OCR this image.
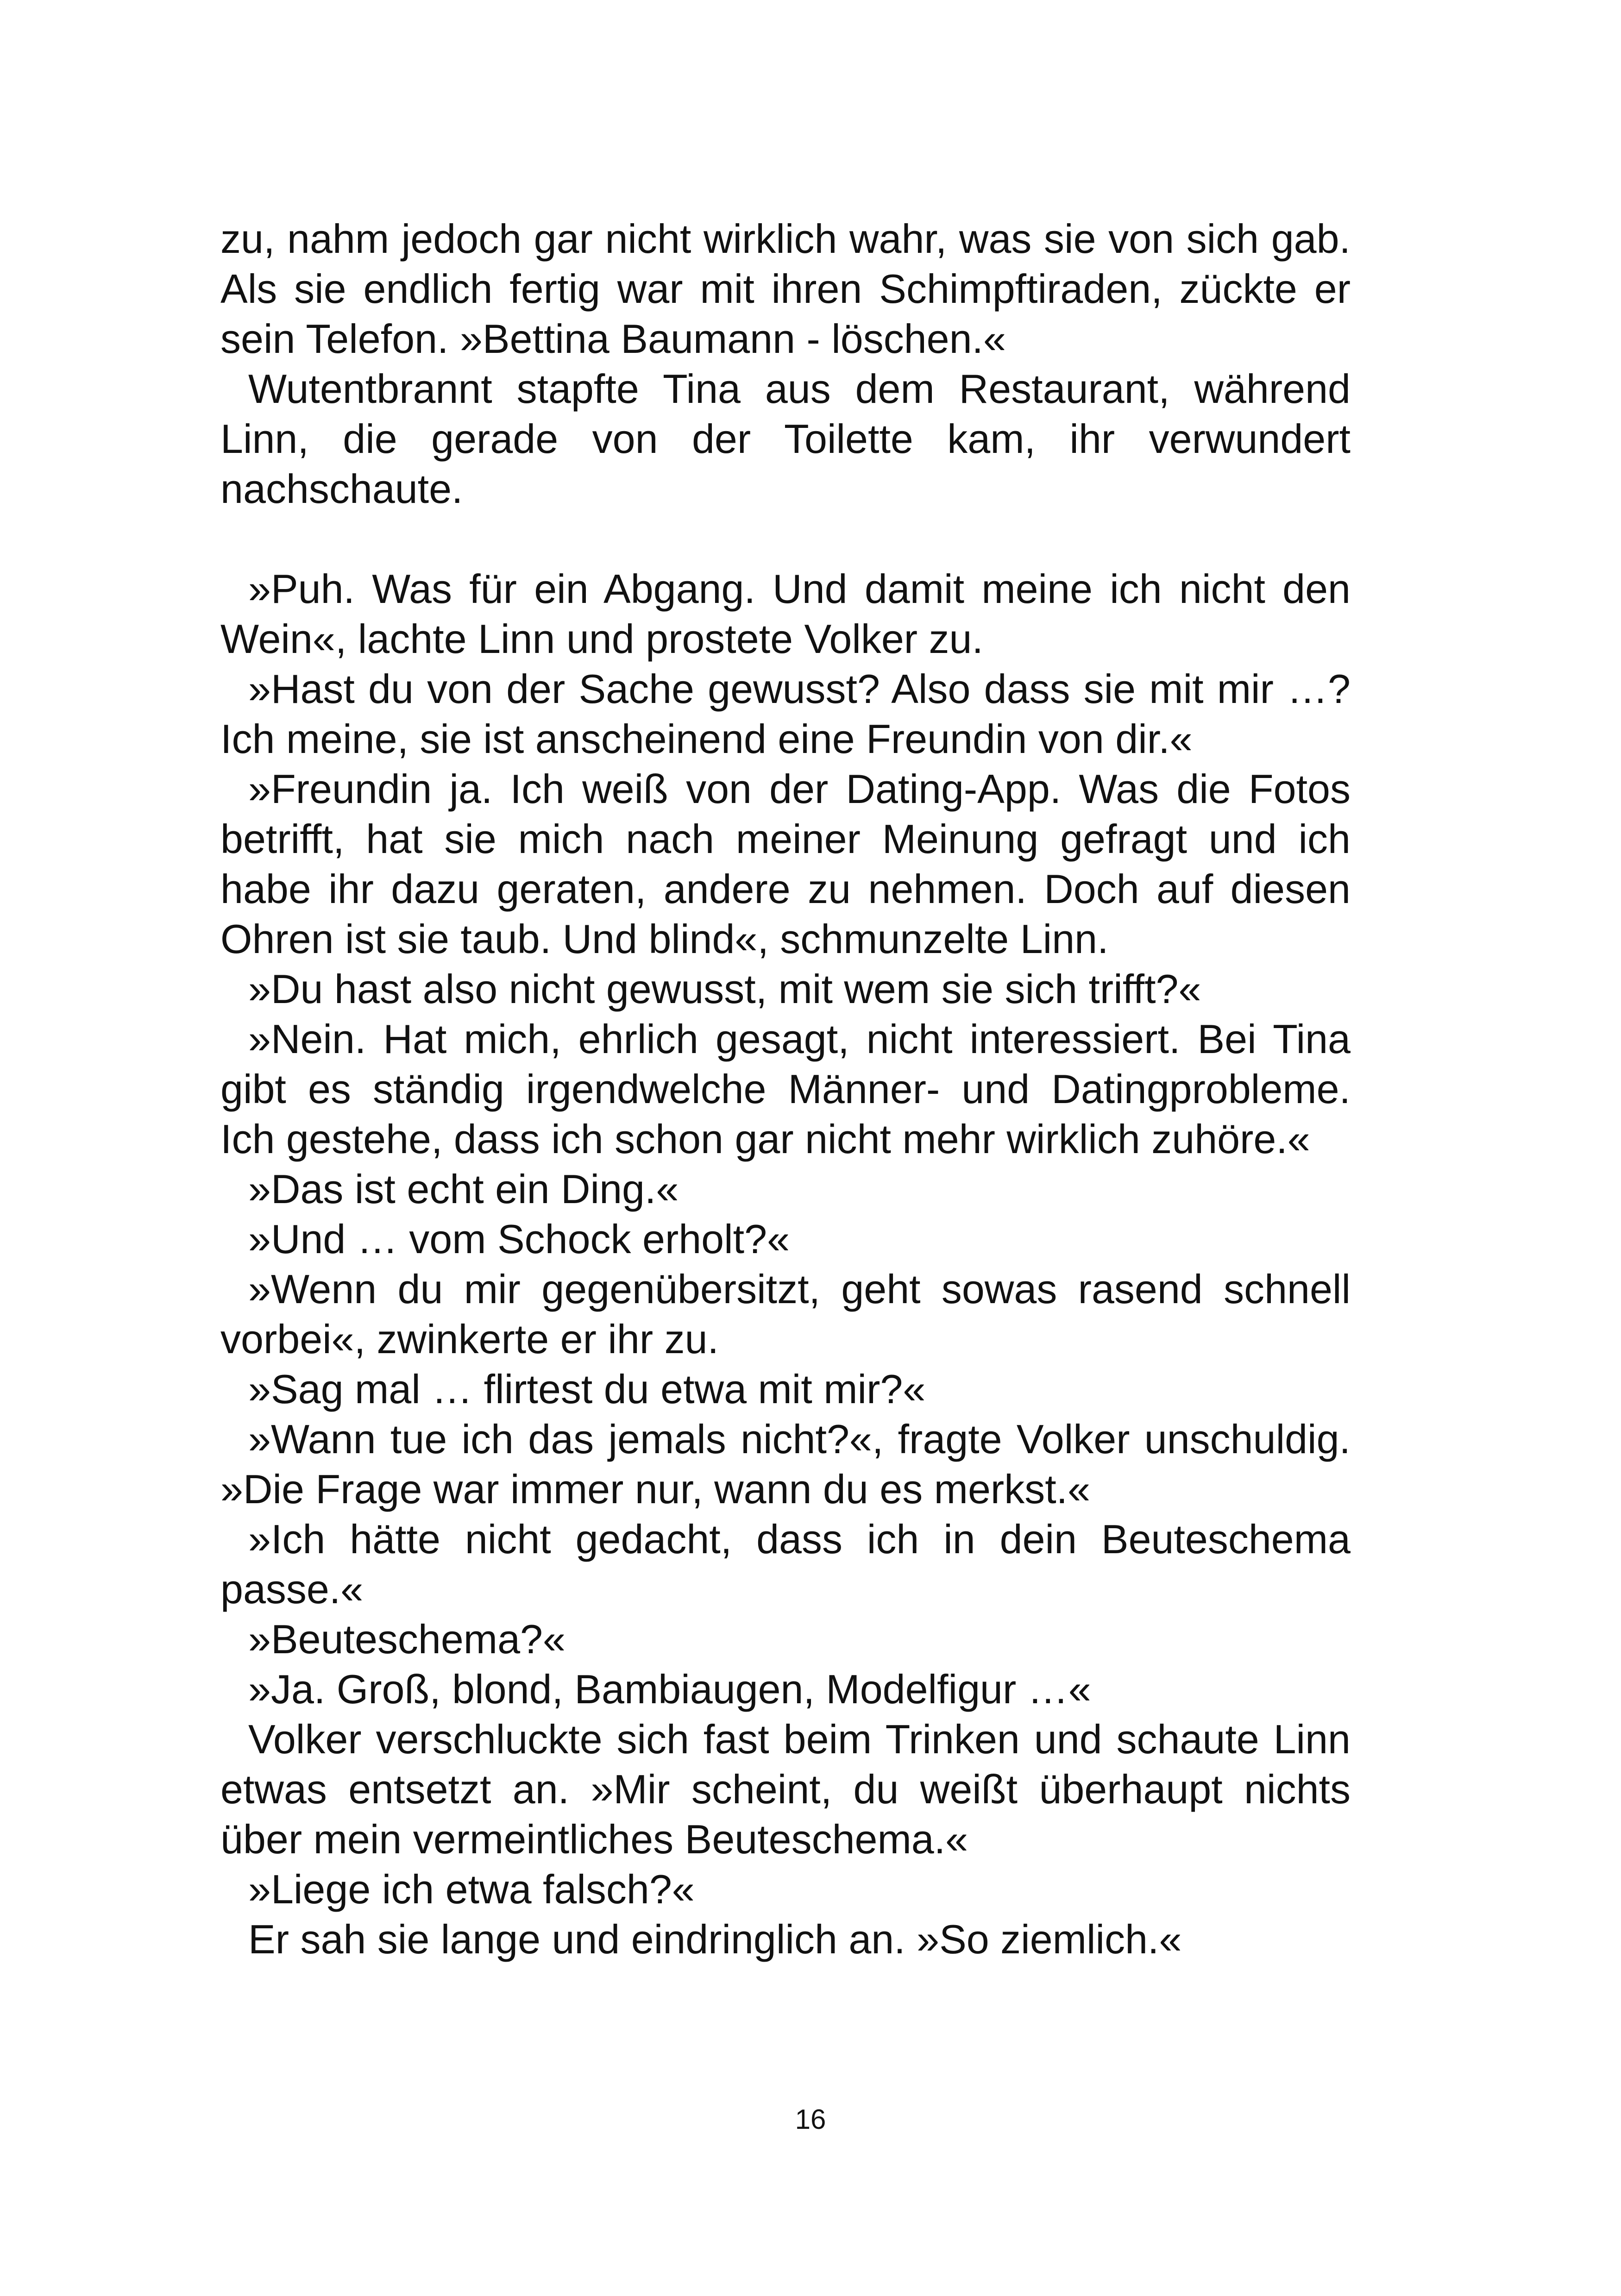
zu, nahm jedoch gar nicht wirklich wahr, was sie von sich gab. Als sie endlich fertig war mit ihren Schimpftiraden, zückte er sein Telefon. »Bettina Baumann - löschen.«

Wutentbrannt stapfte Tina aus dem Restaurant, während Linn, die gerade von der Toilette kam, ihr verwundert nachschaute.

»Puh. Was für ein Abgang. Und damit meine ich nicht den Wein«, lachte Linn und prostete Volker zu.

»Hast du von der Sache gewusst? Also dass sie mit mir …? Ich meine, sie ist anscheinend eine Freundin von dir.«

»Freundin ja. Ich weiß von der Dating-App. Was die Fotos betrifft, hat sie mich nach meiner Meinung gefragt und ich habe ihr dazu geraten, andere zu nehmen. Doch auf diesen Ohren ist sie taub. Und blind«, schmunzelte Linn.

»Du hast also nicht gewusst, mit wem sie sich trifft?«

»Nein. Hat mich, ehrlich gesagt, nicht interessiert. Bei Tina gibt es ständig irgendwelche Männer- und Datingprobleme. Ich gestehe, dass ich schon gar nicht mehr wirklich zuhöre.«

»Das ist echt ein Ding.«

»Und … vom Schock erholt?«

»Wenn du mir gegenübersitzt, geht sowas rasend schnell vorbei«, zwinkerte er ihr zu.

»Sag mal … flirtest du etwa mit mir?«

»Wann tue ich das jemals nicht?«, fragte Volker unschuldig. »Die Frage war immer nur, wann du es merkst.«

»Ich hätte nicht gedacht, dass ich in dein Beuteschema passe.«

»Beuteschema?«

»Ja. Groß, blond, Bambiaugen, Modelfigur …«

Volker verschluckte sich fast beim Trinken und schaute Linn etwas entsetzt an. »Mir scheint, du weißt überhaupt nichts über mein vermeintliches Beuteschema.«

»Liege ich etwa falsch?«

Er sah sie lange und eindringlich an. »So ziemlich.«

16
